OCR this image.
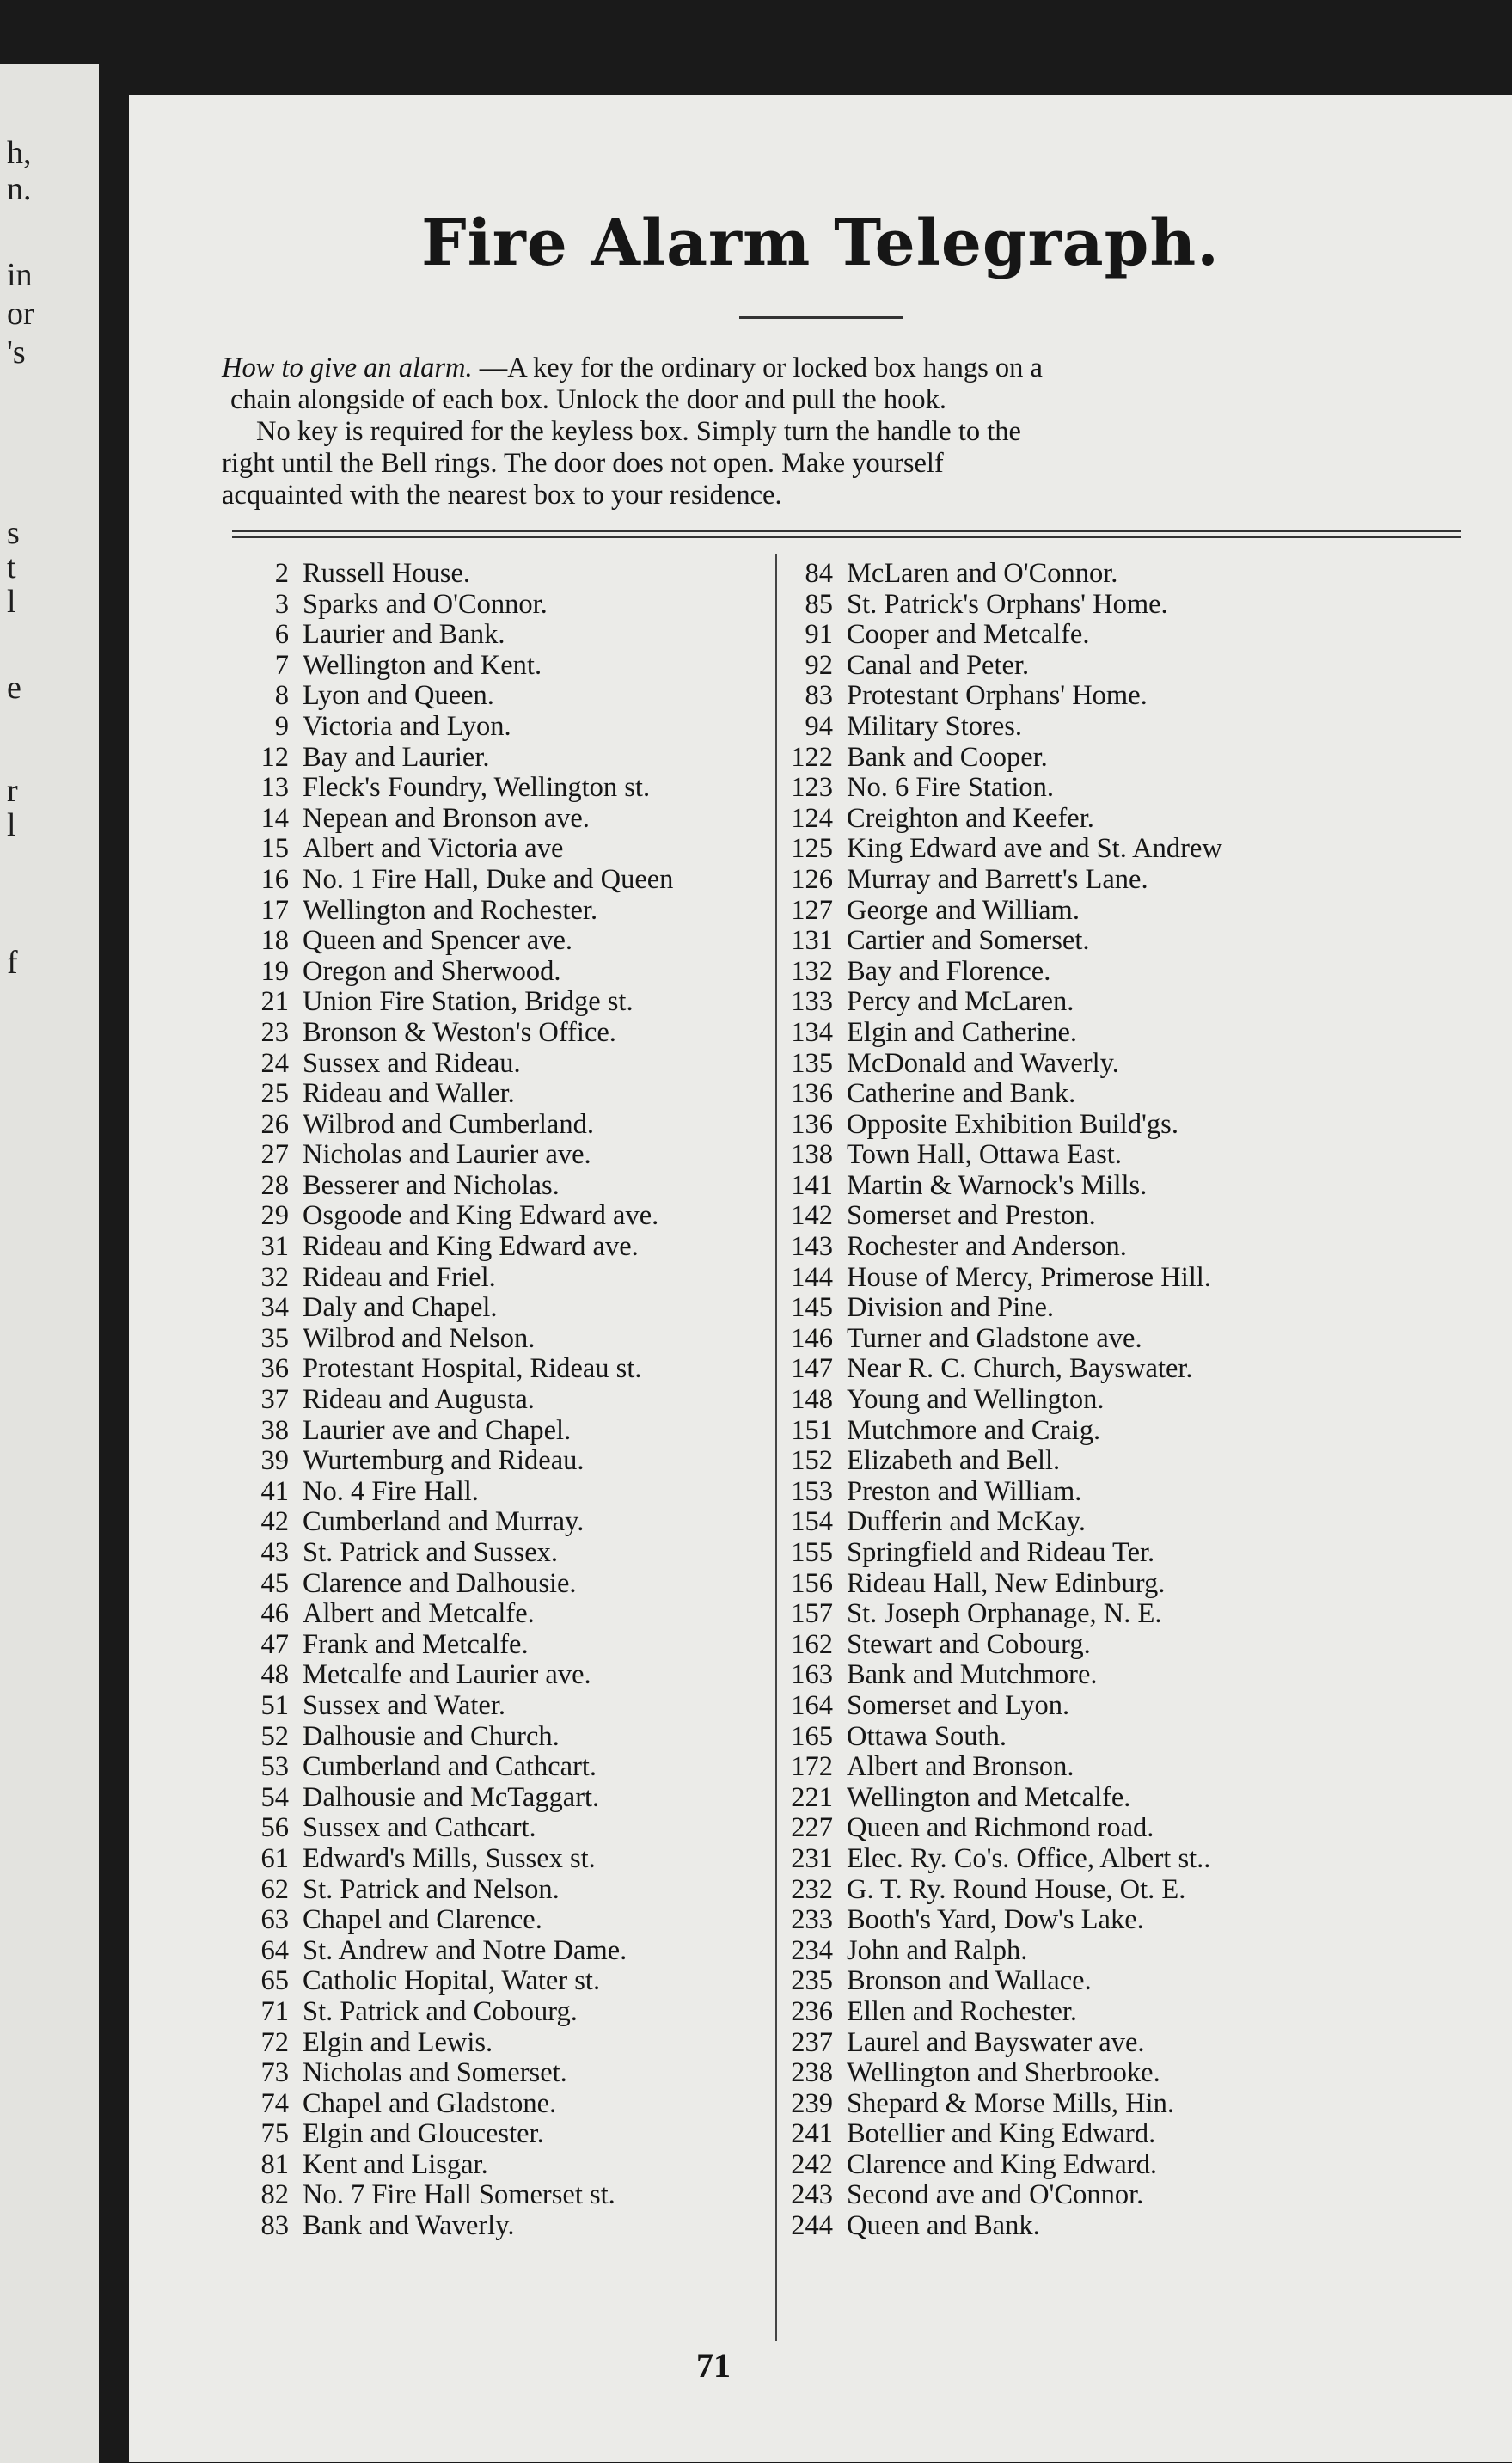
h,
n.
in
or
's
s
t
l
e
r
l
f
Fire Alarm Telegraph.
How to give an alarm. —A key for the ordinary or locked box hangs on a
chain alongside of each box. Unlock the door and pull the hook.
No key is required for the keyless box. Simply turn the handle to the
right until the Bell rings. The door does not open. Make yourself
acquainted with the nearest box to your residence.
2 Russell House.
3 Sparks and O'Connor.
6 Laurier and Bank.
7 Wellington and Kent.
8 Lyon and Queen.
9 Victoria and Lyon.
12 Bay and Laurier.
13 Fleck's Foundry, Wellington st.
14 Nepean and Bronson ave.
15 Albert and Victoria ave
16 No. 1 Fire Hall, Duke and Queen
17 Wellington and Rochester.
18 Queen and Spencer ave.
19 Oregon and Sherwood.
21 Union Fire Station, Bridge st.
23 Bronson & Weston's Office.
24 Sussex and Rideau.
25 Rideau and Waller.
26 Wilbrod and Cumberland.
27 Nicholas and Laurier ave.
28 Besserer and Nicholas.
29 Osgoode and King Edward ave.
31 Rideau and King Edward ave.
32 Rideau and Friel.
34 Daly and Chapel.
35 Wilbrod and Nelson.
36 Protestant Hospital, Rideau st.
37 Rideau and Augusta.
38 Laurier ave and Chapel.
39 Wurtemburg and Rideau.
41 No. 4 Fire Hall.
42 Cumberland and Murray.
43 St. Patrick and Sussex.
45 Clarence and Dalhousie.
46 Albert and Metcalfe.
47 Frank and Metcalfe.
48 Metcalfe and Laurier ave.
51 Sussex and Water.
52 Dalhousie and Church.
53 Cumberland and Cathcart.
54 Dalhousie and McTaggart.
56 Sussex and Cathcart.
61 Edward's Mills, Sussex st.
62 St. Patrick and Nelson.
63 Chapel and Clarence.
64 St. Andrew and Notre Dame.
65 Catholic Hopital, Water st.
71 St. Patrick and Cobourg.
72 Elgin and Lewis.
73 Nicholas and Somerset.
74 Chapel and Gladstone.
75 Elgin and Gloucester.
81 Kent and Lisgar.
82 No. 7 Fire Hall Somerset st.
83 Bank and Waverly.
84 McLaren and O'Connor.
85 St. Patrick's Orphans' Home.
91 Cooper and Metcalfe.
92 Canal and Peter.
83 Protestant Orphans' Home.
94 Military Stores.
122 Bank and Cooper.
123 No. 6 Fire Station.
124 Creighton and Keefer.
125 King Edward ave and St. Andrew
126 Murray and Barrett's Lane.
127 George and William.
131 Cartier and Somerset.
132 Bay and Florence.
133 Percy and McLaren.
134 Elgin and Catherine.
135 McDonald and Waverly.
136 Catherine and Bank.
136 Opposite Exhibition Build'gs.
138 Town Hall, Ottawa East.
141 Martin & Warnock's Mills.
142 Somerset and Preston.
143 Rochester and Anderson.
144 House of Mercy, Primerose Hill.
145 Division and Pine.
146 Turner and Gladstone ave.
147 Near R. C. Church, Bayswater.
148 Young and Wellington.
151 Mutchmore and Craig.
152 Elizabeth and Bell.
153 Preston and William.
154 Dufferin and McKay.
155 Springfield and Rideau Ter.
156 Rideau Hall, New Edinburg.
157 St. Joseph Orphanage, N. E.
162 Stewart and Cobourg.
163 Bank and Mutchmore.
164 Somerset and Lyon.
165 Ottawa South.
172 Albert and Bronson.
221 Wellington and Metcalfe.
227 Queen and Richmond road.
231 Elec. Ry. Co's. Office, Albert st..
232 G. T. Ry. Round House, Ot. E.
233 Booth's Yard, Dow's Lake.
234 John and Ralph.
235 Bronson and Wallace.
236 Ellen and Rochester.
237 Laurel and Bayswater ave.
238 Wellington and Sherbrooke.
239 Shepard & Morse Mills, Hin.
241 Botellier and King Edward.
242 Clarence and King Edward.
243 Second ave and O'Connor.
244 Queen and Bank.
71
